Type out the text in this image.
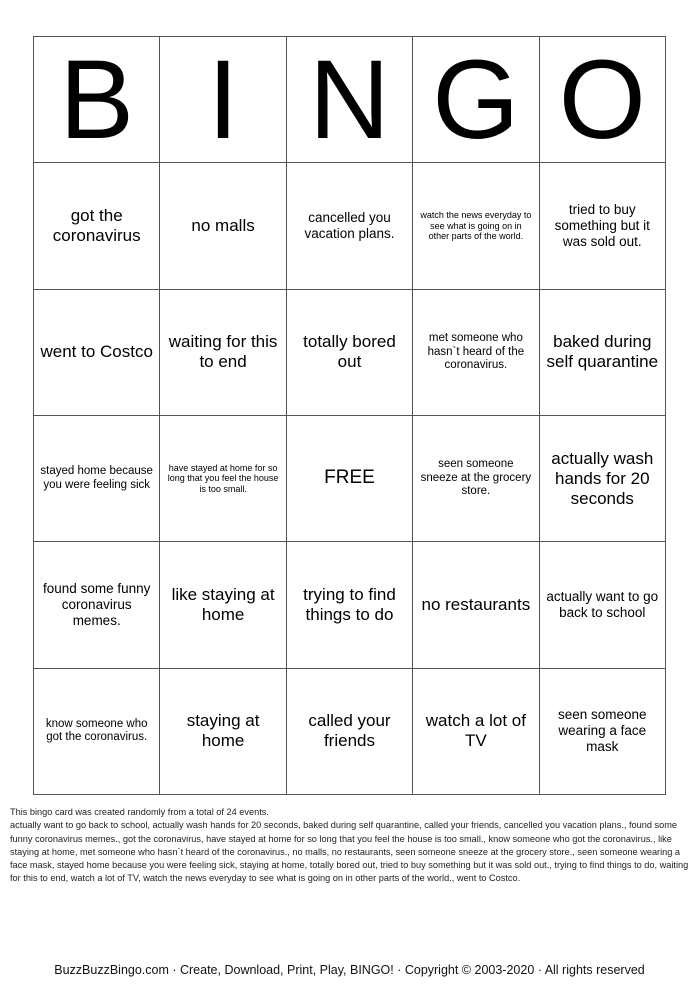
B	I	N	G	O
got the coronavirus	no malls	cancelled you vacation plans.	watch the news everyday to see what is going on in other parts of the world.	tried to buy something but it was sold out.
went to Costco	waiting for this to end	totally bored out	met someone who hasn`t heard of the coronavirus.	baked during self quarantine
stayed home because you were feeling sick	have stayed at home for so long that you feel the house is too small.	FREE	seen someone sneeze at the grocery store.	actually wash hands for 20 seconds
found some funny coronavirus memes.	like staying at home	trying to find things to do	no restaurants	actually want to go back to school
know someone who got the coronavirus.	staying at home	called your friends	watch a lot of TV	seen someone wearing a face mask

This bingo card was created randomly from a total of 24 events.

actually want to go back to school, actually wash hands for 20 seconds, baked during self quarantine, called your friends, cancelled you vacation plans., found some funny coronavirus memes., got the coronavirus, have stayed at home for so long that you feel the house is too small., know someone who got the coronavirus., like staying at home, met someone who hasn`t heard of the coronavirus., no malls, no restaurants, seen someone sneeze at the grocery store., seen someone wearing a face mask, stayed home because you were feeling sick, staying at home, totally bored out, tried to buy something but it was sold out., trying to find things to do, waiting for this to end, watch a lot of TV, watch the news everyday to see what is going on in other parts of the world., went to Costco.

BuzzBuzzBingo.com · Create, Download, Print, Play, BINGO! · Copyright © 2003-2020 · All rights reserved
